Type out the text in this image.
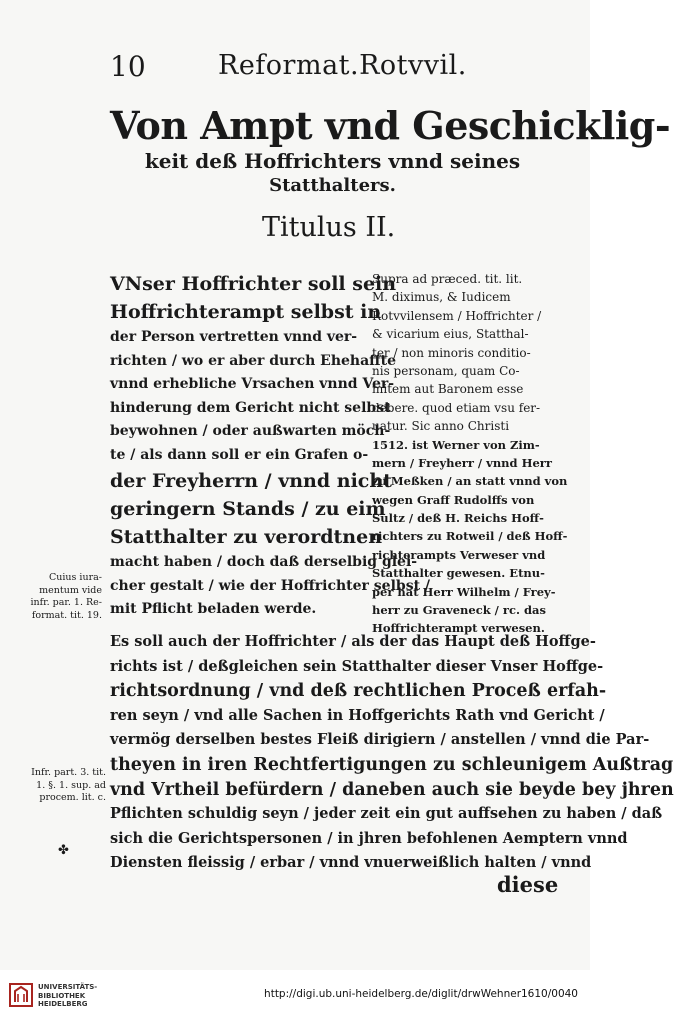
10	Reformat.Rotvvil.
Von Ampt vnd Geschicklig-
keit deß Hoffrichters vnnd seines
Statthalters.
Titulus II.
VNser Hoffrichter soll sein
Hoffrichterampt selbst in
der Person vertretten vnnd ver-
richten / wo er aber durch Ehehaffte
vnnd erhebliche Vrsachen vnnd Ver-
hinderung dem Gericht nicht selbst
beywohnen / oder außwarten möch-
te / als dann soll er ein Grafen o-
der Freyherrn / vnnd nicht
geringern Stands / zu eim
Statthalter zu verordtnen
macht haben / doch daß derselbig glei-
cher gestalt / wie der Hoffrichter selbst /
mit Pflicht beladen werde.
Supra ad præced. tit. lit.
M. diximus, & Iudicem
Rotvvilensem / Hoffrichter /
& vicarium eius, Statthal-
ter / non minoris conditio-
nis personam, quam Co-
mitem aut Baronem esse
debere. quod etiam vsu fer-
uatur. Sic anno Christi
1512. ist Werner von Zim-
mern / Freyherr / vnnd Herr
zu Meßken / an statt vnnd von
wegen Graff Rudolffs von
Sultz / deß H. Reichs Hoff-
richters zu Rotweil / deß Hoff-
richterampts Verweser vnd
Statthalter gewesen. Etnu-
per hat Herr Wilhelm / Frey-
herr zu Graveneck / rc. das
Hoffrichterampt verwesen.
Cuius iura-
mentum vide
infr. par. 1. Re-
format. tit. 19.
Es soll auch der Hoffrichter / als der das Haupt deß Hoffge-
richts ist / deßgleichen sein Statthalter dieser Vnser Hoffge-
richtsordnung / vnd deß rechtlichen Proceß erfah-
ren seyn / vnd alle Sachen in Hoffgerichts Rath vnd Gericht /
vermög derselben bestes Fleiß dirigiern / anstellen / vnnd die Par-
theyen in iren Rechtfertigungen zu schleunigem Außtrag
vnd Vrtheil befürdern / daneben auch sie beyde bey jhren
Pflichten schuldig seyn / jeder zeit ein gut auffsehen zu haben / daß
sich die Gerichtspersonen / in jhren befohlenen Aemptern vnnd
Diensten fleissig / erbar / vnnd vnuerweißlich halten / vnnd
Infr. part. 3. tit.
1. §. 1. sup. ad
procem. lit. c.
✤
diese
UNIVERSITÄTS-
BIBLIOTHEK
HEIDELBERG
http://digi.ub.uni-heidelberg.de/diglit/drwWehner1610/0040
